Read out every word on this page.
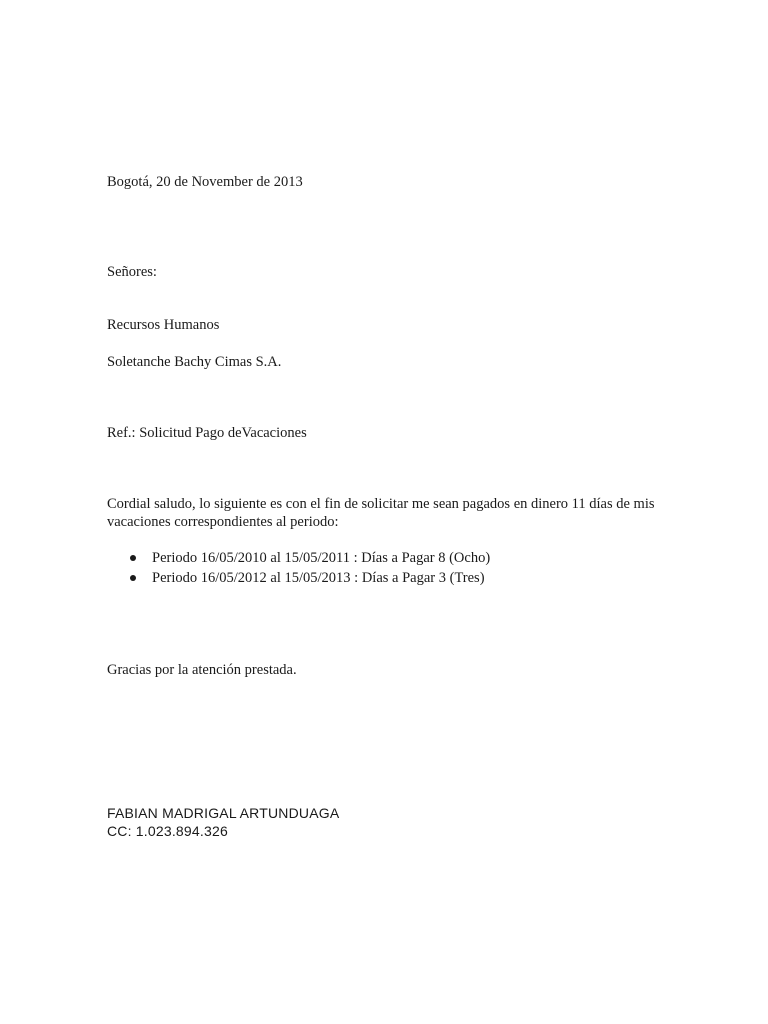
Bogotá, 20 de November de 2013
Señores:
Recursos Humanos
Soletanche Bachy Cimas S.A.
Ref.: Solicitud Pago deVacaciones
Cordial saludo, lo siguiente es con el fin de solicitar me sean pagados en dinero 11 días de mis vacaciones correspondientes al periodo:
Periodo 16/05/2010 al 15/05/2011 : Días a Pagar 8 (Ocho)
Periodo 16/05/2012 al 15/05/2013 : Días a Pagar 3 (Tres)
Gracias por la atención prestada.
FABIAN MADRIGAL ARTUNDUAGA
CC: 1.023.894.326
